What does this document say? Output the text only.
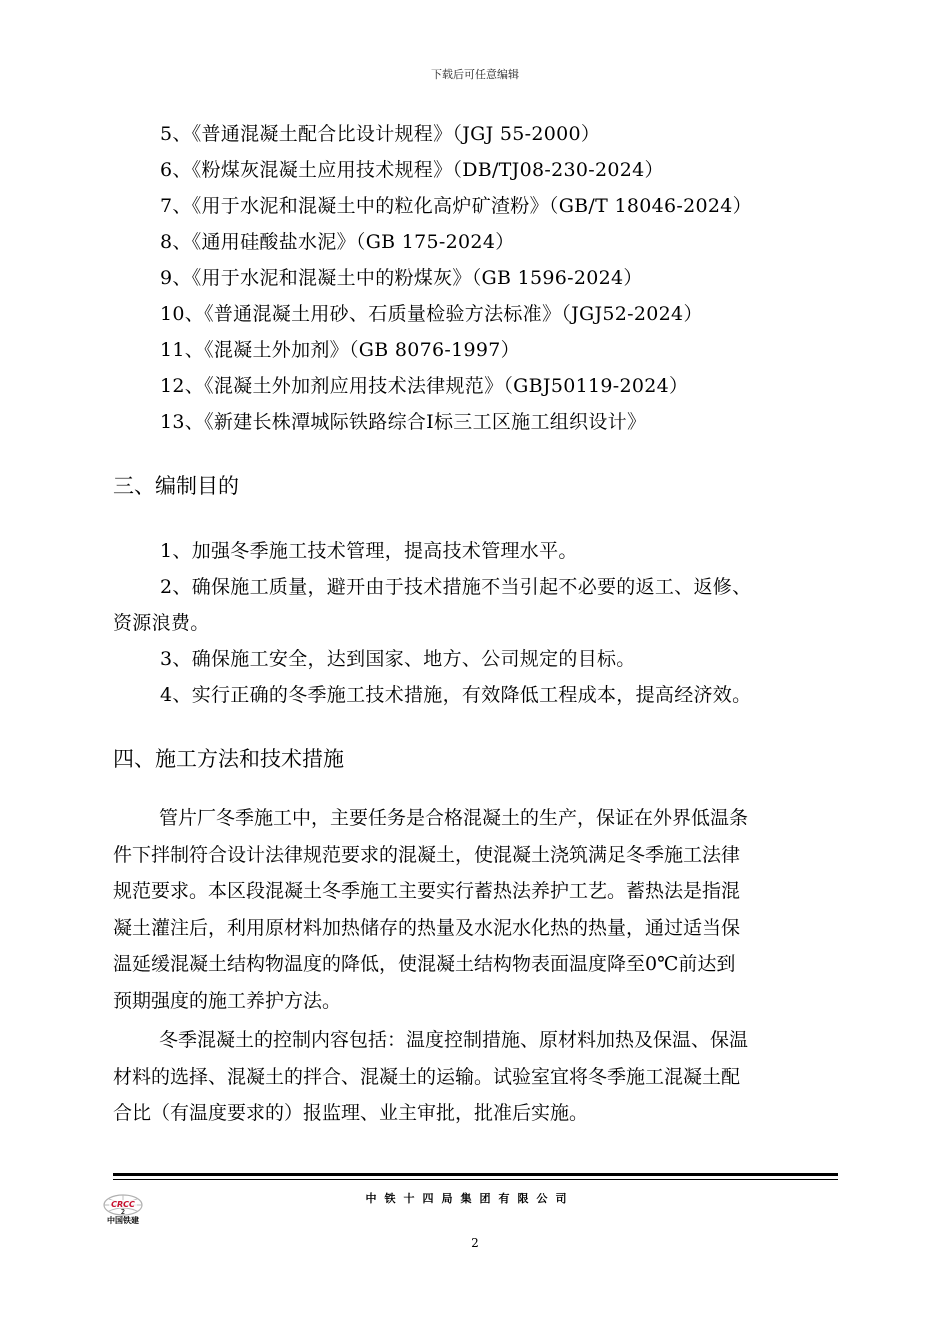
下载后可任意编辑
5、《普通混凝土配合比设计规程》（JGJ 55-2000）
6、《粉煤灰混凝土应用技术规程》（DB/TJ08-230-2024）
7、《用于水泥和混凝土中的粒化高炉矿渣粉》（GB/T 18046-2024）
8、《通用硅酸盐水泥》（GB 175-2024）
9、《用于水泥和混凝土中的粉煤灰》（GB 1596-2024）
10、《普通混凝土用砂、石质量检验方法标准》（JGJ52-2024）
11、《混凝土外加剂》（GB 8076-1997）
12、《混凝土外加剂应用技术法律规范》（GBJ50119-2024）
13、《新建长株潭城际铁路综合Ⅰ标三工区施工组织设计》
三、编制目的
1、加强冬季施工技术管理，提高技术管理水平。
2、确保施工质量，避开由于技术措施不当引起不必要的返工、返修、
资源浪费。
3、确保施工安全，达到国家、地方、公司规定的目标。
4、实行正确的冬季施工技术措施，有效降低工程成本，提高经济效。
四、施工方法和技术措施
管片厂冬季施工中，主要任务是合格混凝土的生产，保证在外界低温条
件下拌制符合设计法律规范要求的混凝土，使混凝土浇筑满足冬季施工法律
规范要求。本区段混凝土冬季施工主要实行蓄热法养护工艺。蓄热法是指混
凝土灌注后，利用原材料加热储存的热量及水泥水化热的热量，通过适当保
温延缓混凝土结构物温度的降低，使混凝土结构物表面温度降至0℃前达到
预期强度的施工养护方法。
冬季混凝土的控制内容包括：温度控制措施、原材料加热及保温、保温
材料的选择、混凝土的拌合、混凝土的运输。试验室宜将冬季施工混凝土配
合比（有温度要求的）报监理、业主审批，批准后实施。
CRCC
2
中国铁建
中铁十四局集团有限公司
2
